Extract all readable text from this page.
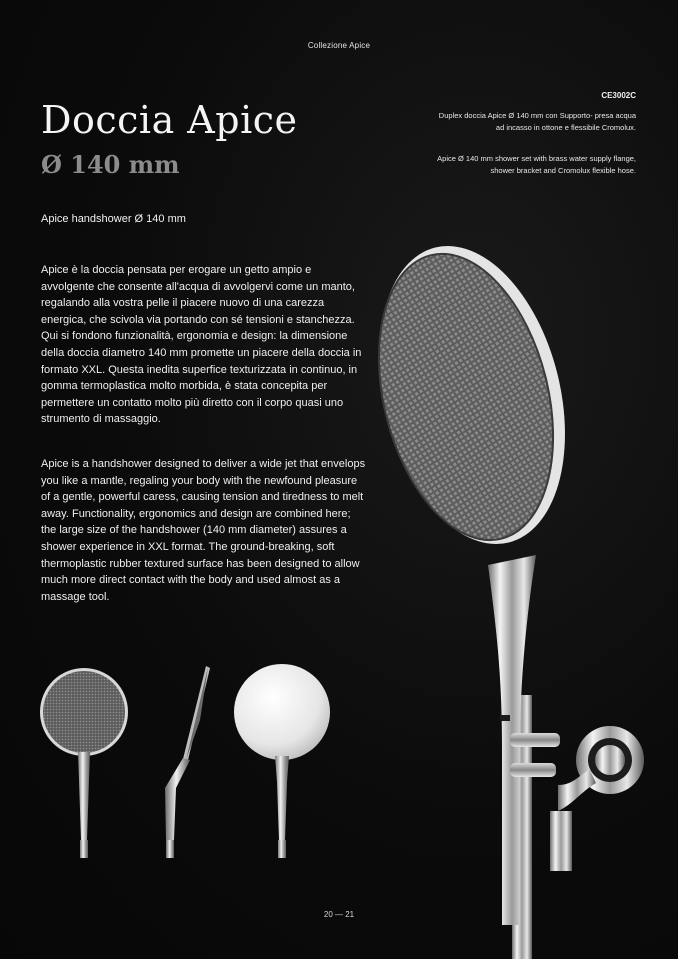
Collezione Apice
Doccia Apice
Ø 140 mm
CE3002C

Duplex doccia Apice Ø 140 mm con Supporto- presa acqua ad incasso in ottone e flessibile Cromolux.

Apice Ø 140 mm shower set with brass water supply flange, shower bracket and Cromolux flexible hose.

Apice handshower Ø 140 mm

Apice è la doccia pensata per erogare un getto ampio e avvolgente che consente all'acqua di avvolgervi come un manto, regalando alla vostra pelle il piacere nuovo di una carezza energica, che scivola via portando con sé tensioni e stanchezza. Qui si fondono funzionalità, ergonomia e design: la dimensione della doccia diametro 140 mm promette un piacere della doccia in formato XXL. Questa inedita superfice texturizzata in continuo, in gomma termoplastica molto morbida, è stata concepita per permettere un contatto molto più diretto con il corpo quasi uno strumento di massaggio.

Apice is a handshower designed to deliver a wide jet that envelops you like a mantle, regaling your body with the newfound pleasure of a gentle, powerful caress, causing tension and tiredness to melt away. Functionality, ergonomics and design are combined here; the large size of the handshower (140 mm diameter) assures a shower experience in XXL format. The ground-breaking, soft thermoplastic rubber textured surface has been designed to allow much more direct contact with the body and used almost as a massage tool.

20 — 21
